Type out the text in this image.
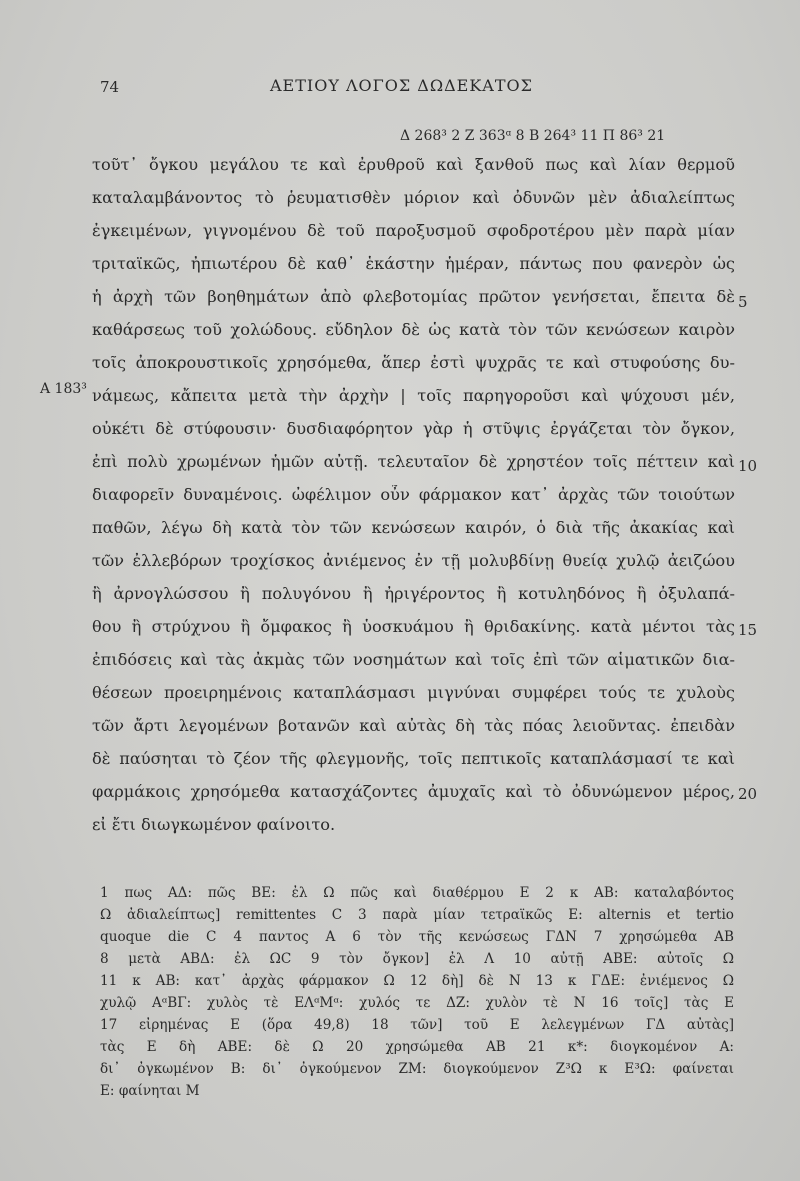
74	ΑΕΤΙΟΥ ΛΟΓΟΣ ΔΩΔΕΚΑΤΟΣ
Δ 268³ 2 Ζ 363ᵅ 8 Β 264³ 11 Π 86³ 21
Α 183³
5
10
15
20
τοῦτ᾽ ὄγκου μεγάλου τε καὶ ἐρυθροῦ καὶ ξανθοῦ πως καὶ λίαν θερμοῦ
καταλαμβάνοντος τὸ ῥευματισθὲν μόριον καὶ ὀδυνῶν μὲν ἀδιαλείπτως
ἐγκειμένων, γιγνομένου δὲ τοῦ παροξυσμοῦ σφοδροτέρου μὲν παρὰ μίαν
τριταϊκῶς, ἠπιωτέρου δὲ καθ᾽ ἑκάστην ἡμέραν, πάντως που φανερὸν ὡς
ἡ ἀρχὴ τῶν βοηθημάτων ἀπὸ φλεβοτομίας πρῶτον γενήσεται, ἔπειτα δὲ
καθάρσεως τοῦ χολώδους. εὔδηλον δὲ ὡς κατὰ τὸν τῶν κενώσεων καιρὸν
τοῖς ἀποκρουστικοῖς χρησόμεθα, ἅπερ ἐστὶ ψυχρᾶς τε καὶ στυφούσης δυ-
νάμεως, κἄπειτα μετὰ τὴν ἀρχὴν | τοῖς παρηγοροῦσι καὶ ψύχουσι μέν,
οὐκέτι δὲ στύφουσιν· δυσδιαφόρητον γὰρ ἡ στῦψις ἐργάζεται τὸν ὄγκον,
ἐπὶ πολὺ χρωμένων ἡμῶν αὐτῇ. τελευταῖον δὲ χρηστέον τοῖς πέττειν καὶ
διαφορεῖν δυναμένοις. ὠφέλιμον οὖν φάρμακον κατ᾽ ἀρχὰς τῶν τοιούτων
παθῶν, λέγω δὴ κατὰ τὸν τῶν κενώσεων καιρόν, ὁ διὰ τῆς ἀκακίας καὶ
τῶν ἐλλεβόρων τροχίσκος ἀνιέμενος ἐν τῇ μολυβδίνῃ θυείᾳ χυλῷ ἀειζώου
ἢ ἀρνογλώσσου ἢ πολυγόνου ἢ ἠριγέροντος ἢ κοτυληδόνος ἢ ὀξυλαπά-
θου ἢ στρύχνου ἢ ὄμφακος ἢ ὑοσκυάμου ἢ θριδακίνης. κατὰ μέντοι τὰς
ἐπιδόσεις καὶ τὰς ἀκμὰς τῶν νοσημάτων καὶ τοῖς ἐπὶ τῶν αἱματικῶν δια-
θέσεων προειρημένοις καταπλάσμασι μιγνύναι συμφέρει τούς τε χυλοὺς
τῶν ἄρτι λεγομένων βοτανῶν καὶ αὐτὰς δὴ τὰς πόας λειοῦντας. ἐπειδὰν
δὲ παύσηται τὸ ζέον τῆς φλεγμονῆς, τοῖς πεπτικοῖς καταπλάσμασί τε καὶ
φαρμάκοις χρησόμεθα κατασχάζοντες ἀμυχαῖς καὶ τὸ ὀδυνώμενον μέρος,
εἰ ἔτι διωγκωμένον φαίνοιτο.
1 πως ΑΔ: πῶς ΒΕ: ἐλ Ω πῶς καὶ διαθέρμου Ε 2 κ ΑΒ: καταλαβόντος
Ω ἀδιαλείπτως] remittentes C 3 παρὰ μίαν τετραϊκῶς Ε: alternis et tertio
quoque die C 4 παντος Α 6 τὸν τῆς κενώσεως ΓΔΝ 7 χρησώμεθα ΑΒ
8 μετὰ ΑΒΔ: ἐλ ΩC 9 τὸν ὄγκον] ἐλ Λ 10 αὐτῇ ΑΒΕ: αὐτοῖς Ω
11 κ ΑΒ: κατ᾽ ἀρχὰς φάρμακον Ω 12 δὴ] δὲ Ν 13 κ ΓΔΕ: ἐνιέμενος Ω
χυλῷ ΑᵅΒΓ: χυλὸς τὲ ΕΛᵅΜᵅ: χυλός τε ΔΖ: χυλὸν τὲ Ν 16 τοῖς] τὰς Ε
17 εἰρημένας Ε (ὅρα 49,8) 18 τῶν] τοῦ Ε λελεγμένων ΓΔ αὐτὰς]
τὰς Ε δὴ ΑΒΕ: δὲ Ω 20 χρησώμεθα ΑΒ 21 κ*: διογκομένον Α:
δι᾽ ὀγκωμένον Β: δι᾽ ὀγκούμενον ΖΜ: διογκούμενον Ζ³Ω κ Ε³Ω: φαίνεται
Ε: φαίνηται Μ
